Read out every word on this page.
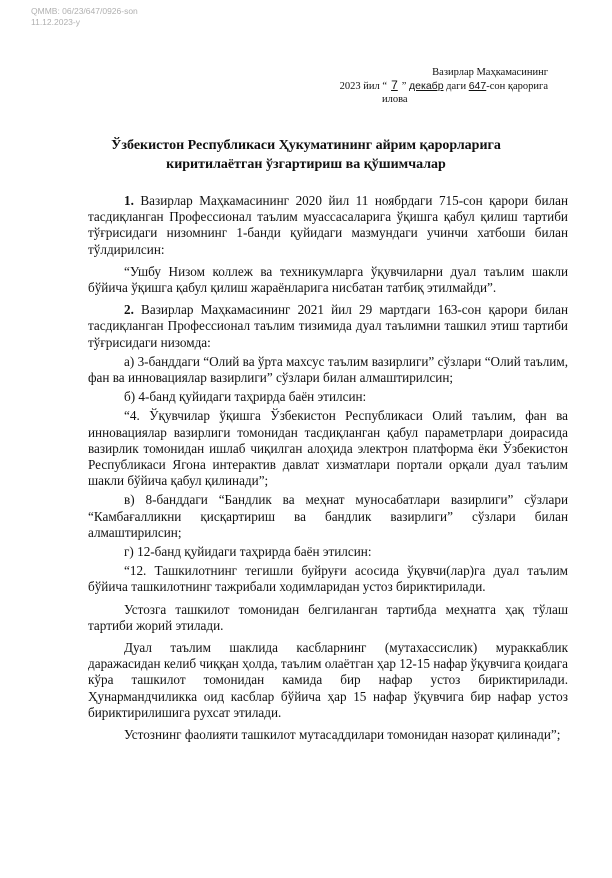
QMMB: 06/23/647/0926-son
11.12.2023-y
Вазирлар Маҳкамасининг
2023 йил “ 7 ” декабр даги 647-сон қарорига
илова
Ўзбекистон Республикаси Ҳукуматининг айрим қарорларига киритилаётган ўзгартириш ва қўшимчалар

1. Вазирлар Маҳкамасининг 2020 йил 11 ноябрдаги 715-сон қарори билан тасдиқланган Профессионал таълим муассасаларига ўқишга қабул қилиш тартиби тўғрисидаги низомнинг 1-банди қуйидаги мазмундаги учинчи хатбоши билан тўлдирилсин:

“Ушбу Низом коллеж ва техникумларга ўқувчиларни дуал таълим шакли бўйича ўқишга қабул қилиш жараёнларига нисбатан татбиқ этилмайди”.

2. Вазирлар Маҳкамасининг 2021 йил 29 мартдаги 163-сон қарори билан тасдиқланган Профессионал таълим тизимида дуал таълимни ташкил этиш тартиби тўғрисидаги низомда:

а) 3-банддаги “Олий ва ўрта махсус таълим вазирлиги” сўзлари “Олий таълим, фан ва инновациялар вазирлиги” сўзлари билан алмаштирилсин;

б) 4-банд қуйидаги таҳрирда баён этилсин:

“4. Ўқувчилар ўқишга Ўзбекистон Республикаси Олий таълим, фан ва инновациялар вазирлиги томонидан тасдиқланган қабул параметрлари доирасида вазирлик томонидан ишлаб чиқилган алоҳида электрон платформа ёки Ўзбекистон Республикаси Ягона интерактив давлат хизматлари портали орқали дуал таълим шакли бўйича қабул қилинади”;

в) 8-банддаги “Бандлик ва меҳнат муносабатлари вазирлиги” сўзлари “Камбағалликни қисқартириш ва бандлик вазирлиги” сўзлари билан алмаштирилсин;

г) 12-банд қуйидаги таҳрирда баён этилсин:

“12. Ташкилотнинг тегишли буйруғи асосида ўқувчи(лар)га дуал таълим бўйича ташкилотнинг тажрибали ходимларидан устоз бириктирилади.

Устозга ташкилот томонидан белгиланган тартибда меҳнатга ҳақ тўлаш тартиби жорий этилади.

Дуал таълим шаклида касбларнинг (мутахассислик) мураккаблик даражасидан келиб чиққан ҳолда, таълим олаётган ҳар 12-15 нафар ўқувчига қоидага кўра ташкилот томонидан камида бир нафар устоз бириктирилади. Ҳунармандчиликка оид касблар бўйича ҳар 15 нафар ўқувчига бир нафар устоз бириктирилишига рухсат этилади.

Устознинг фаолияти ташкилот мутасаддилари томонидан назорат қилинади”;
